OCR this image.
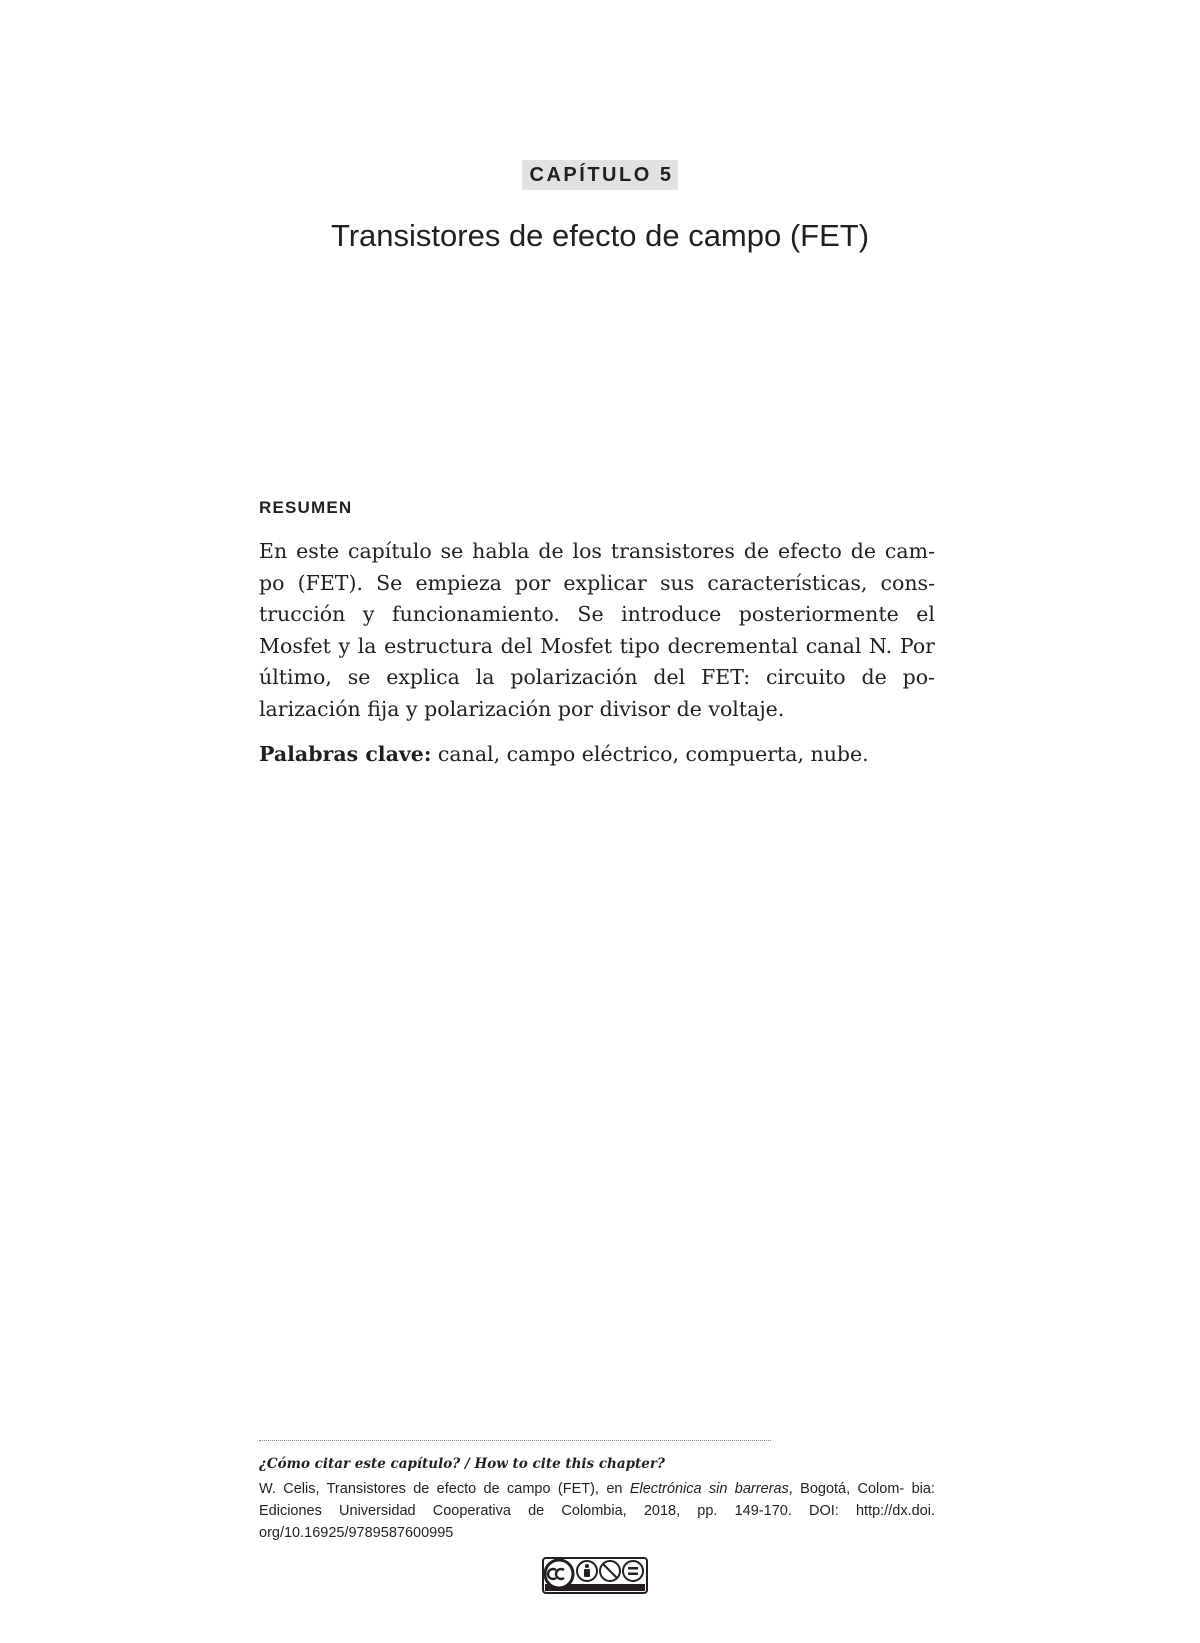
CAPÍTULO 5
Transistores de efecto de campo (FET)
RESUMEN

En este capítulo se habla de los transistores de efecto de cam- po (FET). Se empieza por explicar sus características, cons- trucción y funcionamiento. Se introduce posteriormente el Mosfet y la estructura del Mosfet tipo decremental canal N. Por último, se explica la polarización del FET: circuito de po- larización fija y polarización por divisor de voltaje.

Palabras clave: canal, campo eléctrico, compuerta, nube.

¿Cómo citar este capítulo? / How to cite this chapter?

W. Celis, Transistores de efecto de campo (FET), en Electrónica sin barreras, Bogotá, Colom- bia: Ediciones Universidad Cooperativa de Colombia, 2018, pp. 149-170. DOI: http://dx.doi. org/10.16925/9789587600995
